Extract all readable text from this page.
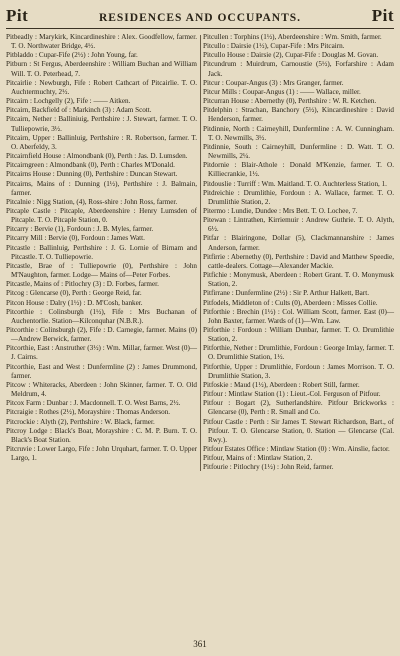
Pit	RESIDENCES AND OCCUPANTS.	Pit

Pitbeadly : Marykirk, Kincardineshire : Alex. Goodfellow, farmer. T. O. Northwater Bridge, 4½.

Pitbladdo : Cupar-Fife (2½) : John Young, far.

Pitburn : St Fergus, Aberdeenshire : William Buchan and William Will. T. O. Peterhead, 7.

Pitcairlie : Newburgh, Fife : Robert Cathcart of Pitcairlie. T. O. Auchtermuchty, 2½.

Pitcairn : Lochgelly (2), Fife : —— Aitken.

Pitcairn, Backfield of : Markinch (3) : Adam Scott.

Pitcairn, Nether : Balliniuig, Perthshire : J. Stewart, farmer. T. O. Tulliepowrie, 3½.

Pitcairn, Upper : Ballinluig, Perthshire : R. Robertson, farmer. T. O. Aberfeldy, 3.

Pitcairnfield House : Almondbank (0), Perth : Jas. D. Lumsden.

Pitcairngreen : Almondbank (0), Perth : Charles M'Donald.

Pitcairns House : Dunning (0), Perthshire : Duncan Stewart.

Pitcairns, Mains of : Dunning (1½), Perthshire : J. Balmain, farmer.

Pitcalnie : Nigg Station, (4), Ross-shire : John Ross, farmer.

Pitcaple Castle : Pitcaple, Aberdeenshire : Henry Lumsden of Pitcaple. T. O. Pitcaple Station, 0.

Pitcarry : Bervie (1), Fordoun : J. B. Myles, farmer.

Pitcarry Mill : Bervie (0), Fordoun : James Watt.

Pitcastle : Ballinluig, Perthshire : J. G. Lornie of Birnam and Pitcastle. T. O. Tulliepowrie.

Pitcastle, Brae of : Tulliepowrie (0), Perthshire : John M'Naughton, farmer. Lodge— Mains of—Peter Forbes.

Pitcastle, Mains of : Pitlochry (3) : D. Forbes, farmer.

Pitcog : Glencarse (0), Perth : George Reid, far.

Pitcon House : Dalry (1½) : D. M'Cosh, banker.

Pitcorthie : Colinsburgh (1½), Fife : Mrs Buchanan of Auchentorlie. Station—Kilconquhar (N.B.R.).

Pitcorthie : Colinsburgh (2), Fife : D. Carnegie, farmer. Mains (0)—Andrew Berwick, farmer.

Pitcorthie, East : Anstruther (3½) : Wm. Millar, farmer. West (0)—J. Cairns.

Pitcorthie, East and West : Dunfermline (2) : James Drummond, farmer.

Pitcow : Whiteracks, Aberdeen : John Skinner, farmer. T. O. Old Meldrum, 4.

Pitcox Farm : Dunbar : J. Macdonnell. T. O. West Barns, 2½.

Pitcraigie : Rothes (2½), Morayshire : Thomas Anderson.

Pitcrockie : Alyth (2), Perthshire : W. Black, farmer.

Pitcroy Lodge : Black's Boat, Morayshire : C. M. P. Burn. T. O. Black's Boat Station.

Pitcruvie : Lower Largo, Fife : John Urquhart, farmer. T. O. Upper Largo, 1.

Pitcullen : Torphins (1½), Aberdeenshire : Wm. Smith, farmer.

Pitcullo : Dairsie (1½), Cupar-Fife : Mrs Pitcairn.

Pitcullo House : Dairsie (2), Cupar-Fife : Douglas M. Govan.

Pitcundrum : Muirdrum, Carnoustie (5½), Forfarshire : Adam Jack.

Pitcur : Coupar-Angus (3) : Mrs Granger, farmer.

Pitcur Mills : Coupar-Angus (1) : —— Wallace, miller.

Pitcurran House : Abernethy (0), Perthshire : W. R. Ketchen.

Pitdelphin : Strachan, Banchory (5½), Kincardineshire : David Henderson, farmer.

Pitdinnie, North : Cairneyhill, Dunfermline : A. W. Cunningham. T. O. Newmills, 3½.

Pitdinnie, South : Cairneyhill, Dunfermline : D. Watt. T. O. Newmills, 2¼.

Pitdornie : Blair-Athole : Donald M'Kenzie, farmer. T. O. Killiecrankie, 1½.

Pitdouslie : Turriff : Wm. Maitland. T. O. Auchterless Station, 1.

Pitdreichie : Drumlithie, Fordoun : A. Wallace, farmer. T. O. Drumlithie Station, 2.

Pitermo : Lundie, Dundee : Mrs Bett. T. O. Lochee, 7.

Pitewan : Lintrathen, Kirriemuir : Andrew Guthrie. T. O. Alyth, 6½.

Pitfar : Blairingone, Dollar (5), Clackmannanshire : James Anderson, farmer.

Pitfirrie : Abernethy (0), Perthshire : David and Matthew Speedie, cattle-dealers. Cottage—Alexander Mackie.

Pitfichie : Monymusk, Aberdeen : Robert Grant. T. O. Monymusk Station, 2.

Pitfirrane : Dunfermline (2½) : Sir P. Arthur Halkett, Bart.

Pitfodels, Middleton of : Cults (0), Aberdeen : Misses Collie.

Pitforthie : Brechin (1½) : Col. William Scott, farmer. East (0)—John Baxter, farmer. Wards of (1)—Wm. Law.

Pitforthie : Fordoun : William Dunbar, farmer. T. O. Drumlithie Station, 2.

Pitforthie, Nether : Drumlithie, Fordoun : George Imlay, farmer. T. O. Drumlithie Station, 1½.

Pitforthie, Upper : Drumlithie, Fordoun : James Morrison. T. O. Drumlithie Station, 3.

Pitfoskie : Maud (1½), Aberdeen : Robert Still, farmer.

Pitfour : Mintlaw Station (1) : Lieut.-Col. Ferguson of Pitfour.

Pitfour : Bogart (2), Sutherlandshire. Pitfour Brickworks : Glencarse (0), Perth : R. Small and Co.

Pitfour Castle : Perth : Sir James T. Stewart Richardson, Bart., of Pitfour. T. O. Glencarse Station, 0. Station — Glencarse (Cal. Rwy.).

Pitfour Estates Office : Mintlaw Station (0) : Wm. Ainslie, factor.

Pitfour, Mains of : Mintlaw Station, 2.

Pitfourie : Pitlochry (1½) : John Reid, farmer.

361
